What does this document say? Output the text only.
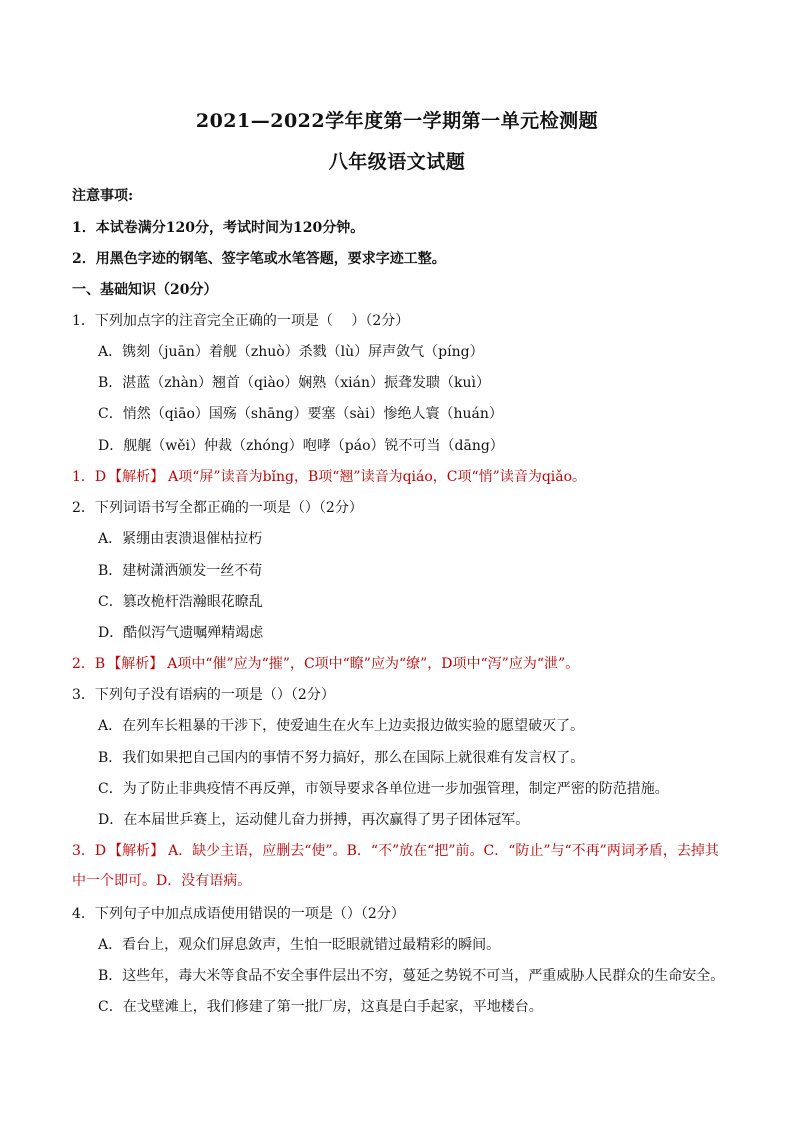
2021—2022学年度第一学期第一单元检测题
八年级语文试题
注意事项:
1．本试卷满分120分，考试时间为120分钟。
2．用黑色字迹的钢笔、签字笔或水笔答题，要求字迹工整。
一、基础知识（20分）
1．下列加点字的注音完全正确的一项是（　 ）（2分）
A．镌刻（juān）着舰（zhuò）杀戮（lù）屏声敛气（píng）
B．湛蓝（zhàn）翘首（qiào）娴熟（xián）振聋发聩（kuì）
C．悄然（qiāo）国殇（shāng）要塞（sài）惨绝人寰（huán）
D．舰艉（wěi）仲裁（zhóng）咆哮（páo）锐不可当（dāng）
1．D 【解析】 A项“屏”读音为bǐng，B项“翘”读音为qiáo，C项“悄”读音为qiǎo。
2．下列词语书写全都正确的一项是（）（2分）
A．紧绷由衷溃退催枯拉朽
B．建树潇洒颁发一丝不苟
C．篡改桅杆浩瀚眼花瞭乱
D．酷似泻气遗嘱殚精竭虑
2．B 【解析】 A项中“催”应为“摧”，C项中“瞭”应为“缭”，D项中“泻”应为“泄”。
3．下列句子没有语病的一项是（）（2分）
A．在列车长粗暴的干涉下，使爱迪生在火车上边卖报边做实验的愿望破灭了。
B．我们如果把自己国内的事情不努力搞好，那么在国际上就很难有发言权了。
C．为了防止非典疫情不再反弹，市领导要求各单位进一步加强管理，制定严密的防范措施。
D．在本届世乒赛上，运动健儿奋力拼搏，再次赢得了男子团体冠军。
3．D 【解析】 A．缺少主语，应删去“使”。B．“不”放在“把”前。C．“防止”与“不再”两词矛盾，去掉其中一个即可。D．没有语病。
4．下列句子中加点成语使用错误的一项是（）（2分）
A．看台上，观众们屏息敛声，生怕一眨眼就错过最精彩的瞬间。
B．这些年，毒大米等食品不安全事件层出不穷，蔓延之势锐不可当，严重威胁人民群众的生命安全。
C．在戈壁滩上，我们修建了第一批厂房，这真是白手起家，平地楼台。
